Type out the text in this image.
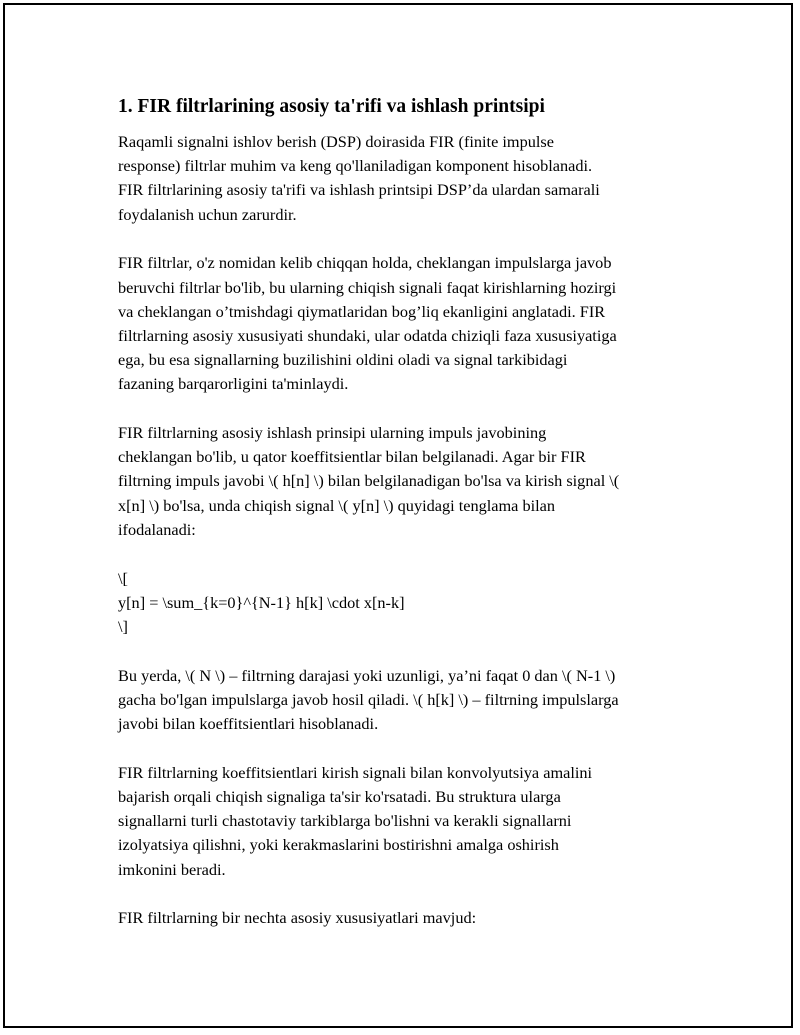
1. FIR filtrlarining asosiy ta'rifi va ishlash printsipi

Raqamli signalni ishlov berish (DSP) doirasida FIR (finite impulse
response) filtrlar muhim va keng qo'llaniladigan komponent hisoblanadi.
FIR filtrlarining asosiy ta'rifi va ishlash printsipi DSP’da ulardan samarali
foydalanish uchun zarurdir.

FIR filtrlar, o'z nomidan kelib chiqqan holda, cheklangan impulslarga javob
beruvchi filtrlar bo'lib, bu ularning chiqish signali faqat kirishlarning hozirgi
va cheklangan o’tmishdagi qiymatlaridan bog’liq ekanligini anglatadi. FIR
filtrlarning asosiy xususiyati shundaki, ular odatda chiziqli faza xususiyatiga
ega, bu esa signallarning buzilishini oldini oladi va signal tarkibidagi
fazaning barqarorligini ta'minlaydi.

FIR filtrlarning asosiy ishlash prinsipi ularning impuls javobining
cheklangan bo'lib, u qator koeffitsientlar bilan belgilanadi. Agar bir FIR
filtrning impuls javobi \( h[n] \) bilan belgilanadigan bo'lsa va kirish signal \(
x[n] \) bo'lsa, unda chiqish signal \( y[n] \) quyidagi tenglama bilan
ifodalanadi:

\[
y[n] = \sum_{k=0}^{N-1} h[k] \cdot x[n-k]
\]

Bu yerda, \( N \) – filtrning darajasi yoki uzunligi, ya’ni faqat 0 dan \( N-1 \)
gacha bo'lgan impulslarga javob hosil qiladi. \( h[k] \) – filtrning impulslarga
javobi bilan koeffitsientlari hisoblanadi.

FIR filtrlarning koeffitsientlari kirish signali bilan konvolyutsiya amalini
bajarish orqali chiqish signaliga ta'sir ko'rsatadi. Bu struktura ularga
signallarni turli chastotaviy tarkiblarga bo'lishni va kerakli signallarni
izolyatsiya qilishni, yoki kerakmaslarini bostirishni amalga oshirish
imkonini beradi.

FIR filtrlarning bir nechta asosiy xususiyatlari mavjud:
